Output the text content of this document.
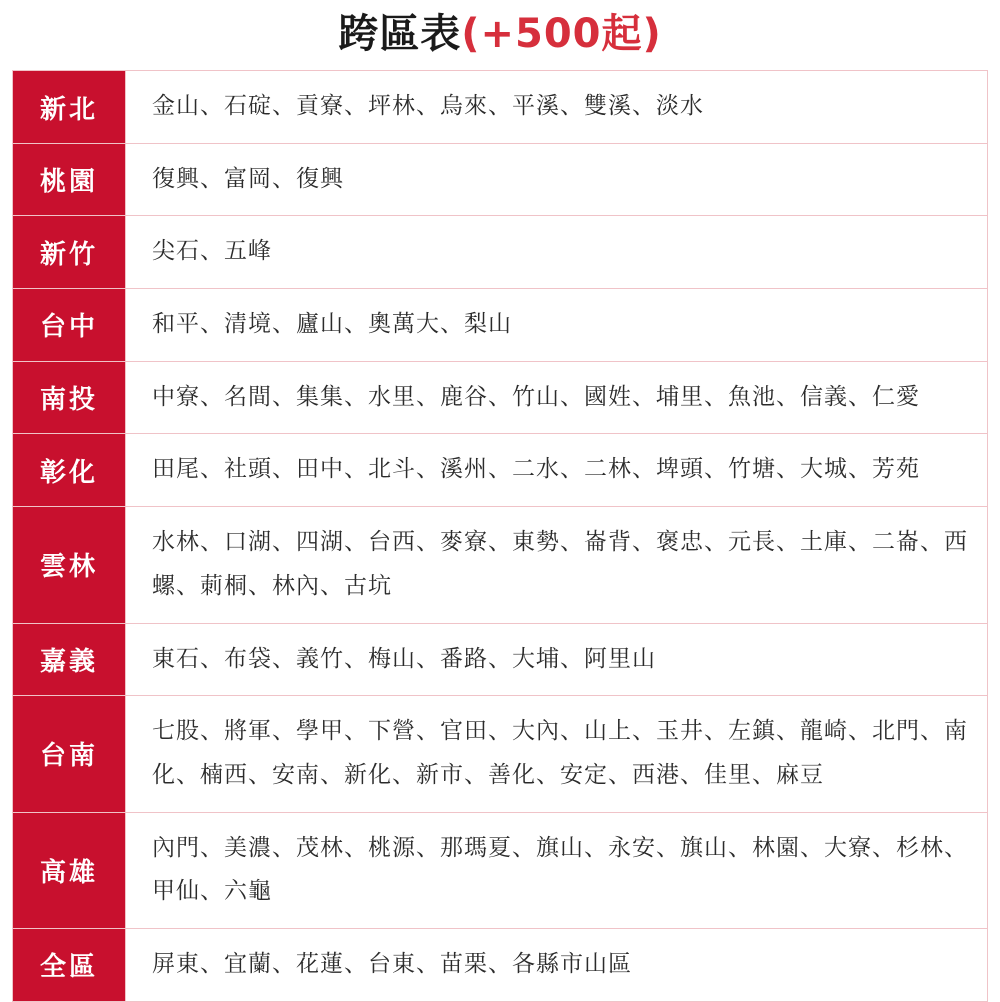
跨區表(+500起)
新北	金山、石碇、貢寮、坪林、烏來、平溪、雙溪、淡水
桃園	復興、富岡、復興
新竹	尖石、五峰
台中	和平、清境、廬山、奧萬大、梨山
南投	中寮、名間、集集、水里、鹿谷、竹山、國姓、埔里、魚池、信義、仁愛
彰化	田尾、社頭、田中、北斗、溪州、二水、二林、埤頭、竹塘、大城、芳苑
雲林	水林、口湖、四湖、台西、麥寮、東勢、崙背、褒忠、元長、土庫、二崙、西螺、莿桐、林內、古坑
嘉義	東石、布袋、義竹、梅山、番路、大埔、阿里山
台南	七股、將軍、學甲、下營、官田、大內、山上、玉井、左鎮、龍崎、北門、南化、楠西、安南、新化、新市、善化、安定、西港、佳里、麻豆
高雄	內門、美濃、茂林、桃源、那瑪夏、旗山、永安、旗山、林園、大寮、杉林、甲仙、六龜
全區	屏東、宜蘭、花蓮、台東、苗栗、各縣市山區
